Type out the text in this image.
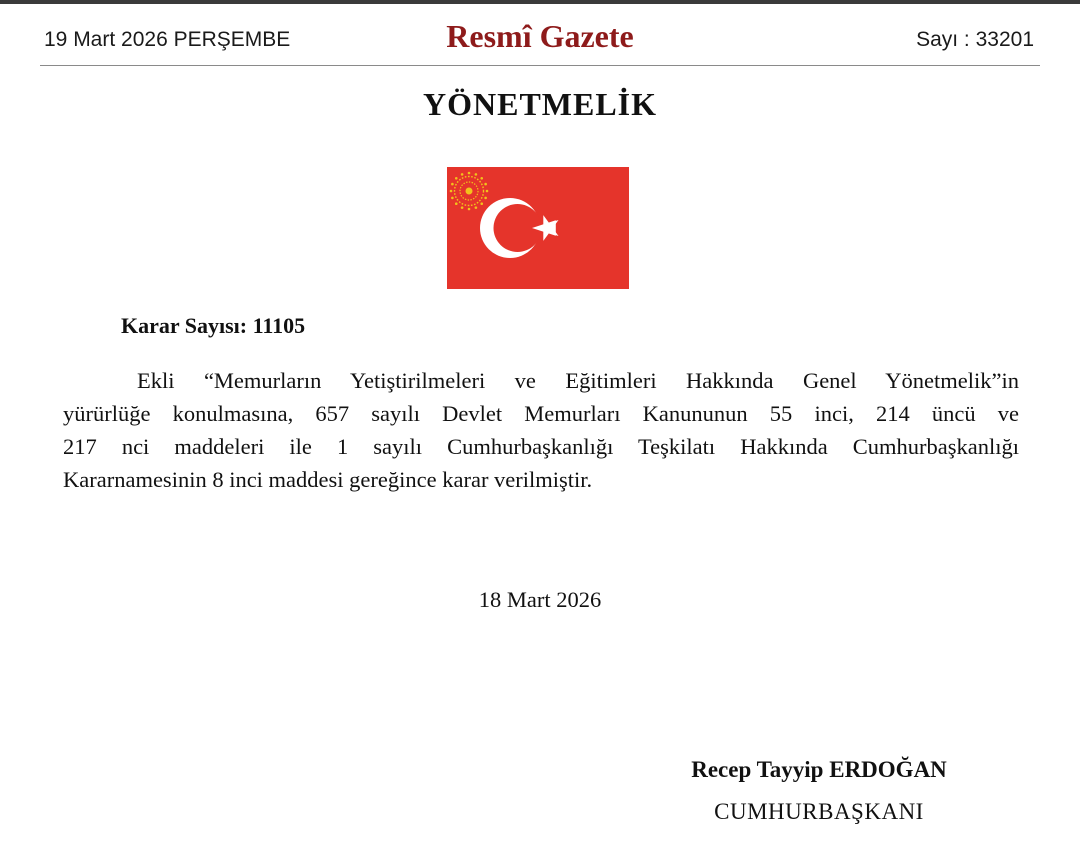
19 Mart 2026 PERŞEMBE	Resmî Gazete	Sayı : 33201
YÖNETMELİK
Karar Sayısı: 11105
Ekli “Memurların Yetiştirilmeleri ve Eğitimleri Hakkında Genel Yönetmelik”in
yürürlüğe konulmasına, 657 sayılı Devlet Memurları Kanununun 55 inci, 214 üncü ve
217 nci maddeleri ile 1 sayılı Cumhurbaşkanlığı Teşkilatı Hakkında Cumhurbaşkanlığı
Kararnamesinin 8 inci maddesi gereğince karar verilmiştir.
18 Mart 2026
Recep Tayyip ERDOĞAN
CUMHURBAŞKANI
